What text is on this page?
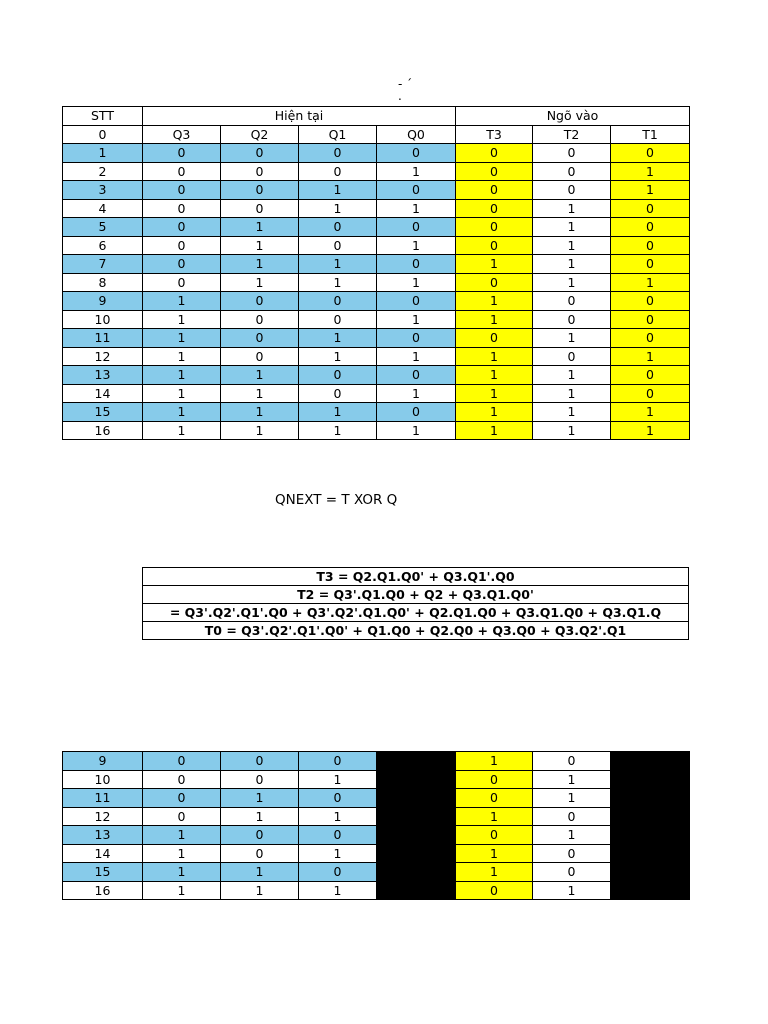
- ´
.
STT	Hiện tại				Ngõ vào		
0	Q3	Q2	Q1	Q0	T3	T2	T1
1	0	0	0	0	0	0	0
2	0	0	0	1	0	0	1
3	0	0	1	0	0	0	1
4	0	0	1	1	0	1	0
5	0	1	0	0	0	1	0
6	0	1	0	1	0	1	0
7	0	1	1	0	1	1	0
8	0	1	1	1	0	1	1
9	1	0	0	0	1	0	0
10	1	0	0	1	1	0	0
11	1	0	1	0	0	1	0
12	1	0	1	1	1	0	1
13	1	1	0	0	1	1	0
14	1	1	0	1	1	1	0
15	1	1	1	0	1	1	1
16	1	1	1	1	1	1	1
QNEXT = T XOR Q
T3 = Q2.Q1.Q0' + Q3.Q1'.Q0
T2 = Q3'.Q1.Q0 + Q2 + Q3.Q1.Q0'
= Q3'.Q2'.Q1'.Q0 + Q3'.Q2'.Q1.Q0' + Q2.Q1.Q0 + Q3.Q1.Q0 + Q3.Q1.Q
T0 = Q3'.Q2'.Q1'.Q0' + Q1.Q0 + Q2.Q0 + Q3.Q0 + Q3.Q2'.Q1
9	0	0	0		1	0	
10	0	0	1		0	1	
11	0	1	0		0	1	
12	0	1	1		1	0	
13	1	0	0		0	1	
14	1	0	1		1	0	
15	1	1	0		1	0	
16	1	1	1		0	1	
